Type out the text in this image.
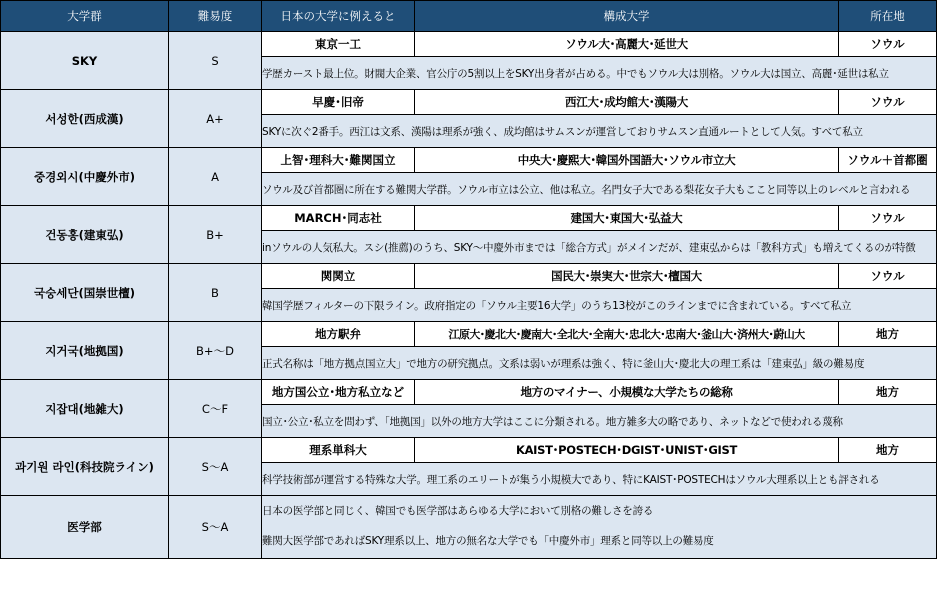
大学群	難易度	日本の大学に例えると	構成大学	所在地
SKY	S	東京一工	ソウル大･高麗大･延世大	ソウル
		学歴カースト最上位。財閥大企業、官公庁の5割以上をSKY出身者が占める。中でもソウル大は別格。ソウル大は国立、高麗･延世は私立		
서성한(西成漢)	A+	早慶･旧帝	西江大･成均館大･漢陽大	ソウル
		SKYに次ぐ2番手。西江は文系、漢陽は理系が強く、成均館はサムスンが運営しておりサムスン直通ルートとして人気。すべて私立		
중경외시(中慶外市)	A	上智･理科大･難関国立	中央大･慶熙大･韓国外国語大･ソウル市立大	ソウル＋首都圏
		ソウル及び首都圏に所在する難関大学群。ソウル市立は公立、他は私立。名門女子大である梨花女子大もここと同等以上のレベルと言われる		
건동홍(建東弘)	B+	MARCH･同志社	建国大･東国大･弘益大	ソウル
		inソウルの人気私大。スシ(推薦)のうち、SKY～中慶外市までは「総合方式」がメインだが、建東弘からは「教科方式」も増えてくるのが特徴		
국숭세단(国崇世檀)	B	関関立	国民大･崇実大･世宗大･檀国大	ソウル
		韓国学歴フィルターの下限ライン。政府指定の「ソウル主要16大学」のうち13校がこのラインまでに含まれている。すべて私立		
지거국(地拠国)	B+～D	地方駅弁	江原大･慶北大･慶南大･全北大･全南大･忠北大･忠南大･釜山大･済州大･蔚山大	地方
		正式名称は「地方拠点国立大」で地方の研究拠点。文系は弱いが理系は強く、特に釜山大･慶北大の理工系は「建東弘」級の難易度		
지잡대(地雑大)	C～F	地方国公立･地方私立など	地方のマイナー、小規模な大学たちの総称	地方
		国立･公立･私立を問わず、「地拠国」以外の地方大学はここに分類される。地方雑多大の略であり、ネットなどで使われる蔑称		
과기원 라인(科技院ライン)	S～A	理系単科大	KAIST･POSTECH･DGIST･UNIST･GIST	地方
		科学技術部が運営する特殊な大学。理工系のエリートが集う小規模大であり、特にKAIST･POSTECHはソウル大理系以上とも評される		
医学部	S～A	日本の医学部と同じく、韓国でも医学部はあらゆる大学において別格の難しさを誇る
難関大医学部であればSKY理系以上、地方の無名な大学でも「中慶外市」理系と同等以上の難易度		
